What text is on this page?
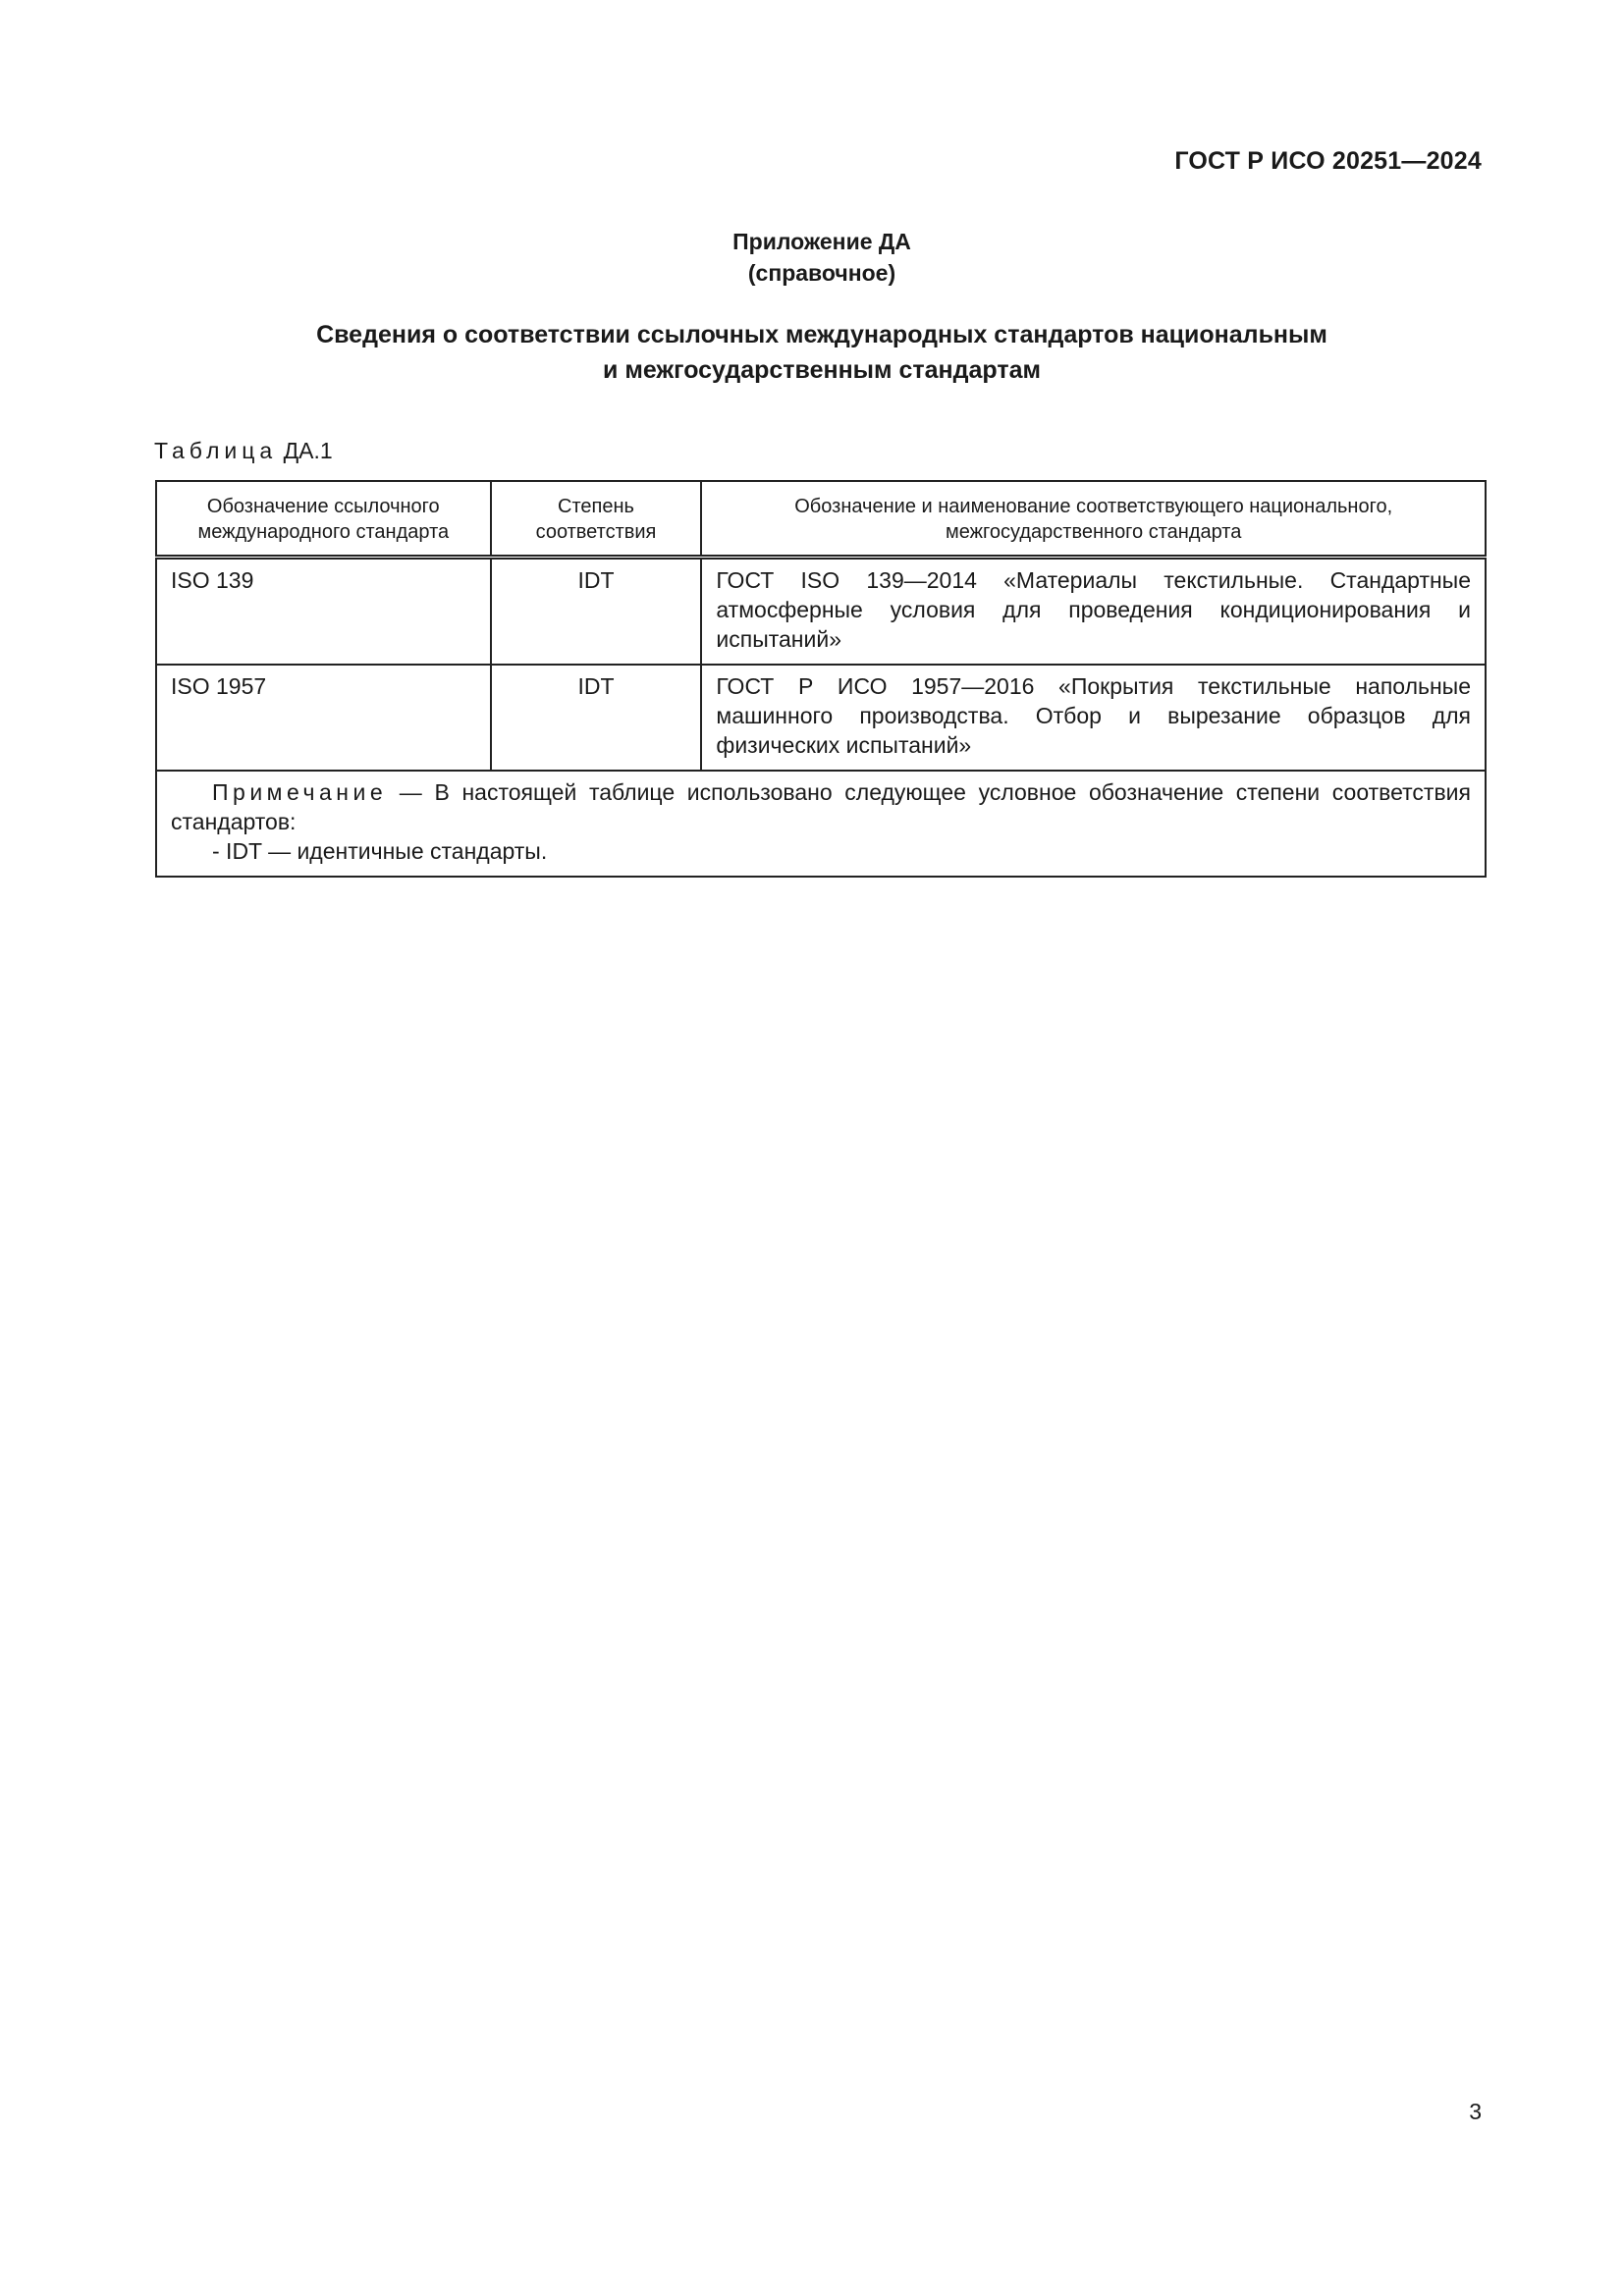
ГОСТ Р ИСО 20251—2024
Приложение ДА
(справочное)
Сведения о соответствии ссылочных международных стандартов национальным
и межгосударственным стандартам
Таблица ДА.1
Обозначение ссылочного международного стандарта	Степень соответствия	Обозначение и наименование соответствующего национального, межгосударственного стандарта
ISO 139	IDT	ГОСТ ISO 139—2014 «Материалы текстильные. Стандартные атмосферные условия для проведения кондиционирования и испытаний»
ISO 1957	IDT	ГОСТ Р ИСО 1957—2016 «Покрытия текстильные напольные машинного производства. Отбор и вырезание образцов для физических испытаний»
Примечание — В настоящей таблице использовано следующее условное обозначение степени соответствия стандартов:
- IDT — идентичные стандарты.		
3
